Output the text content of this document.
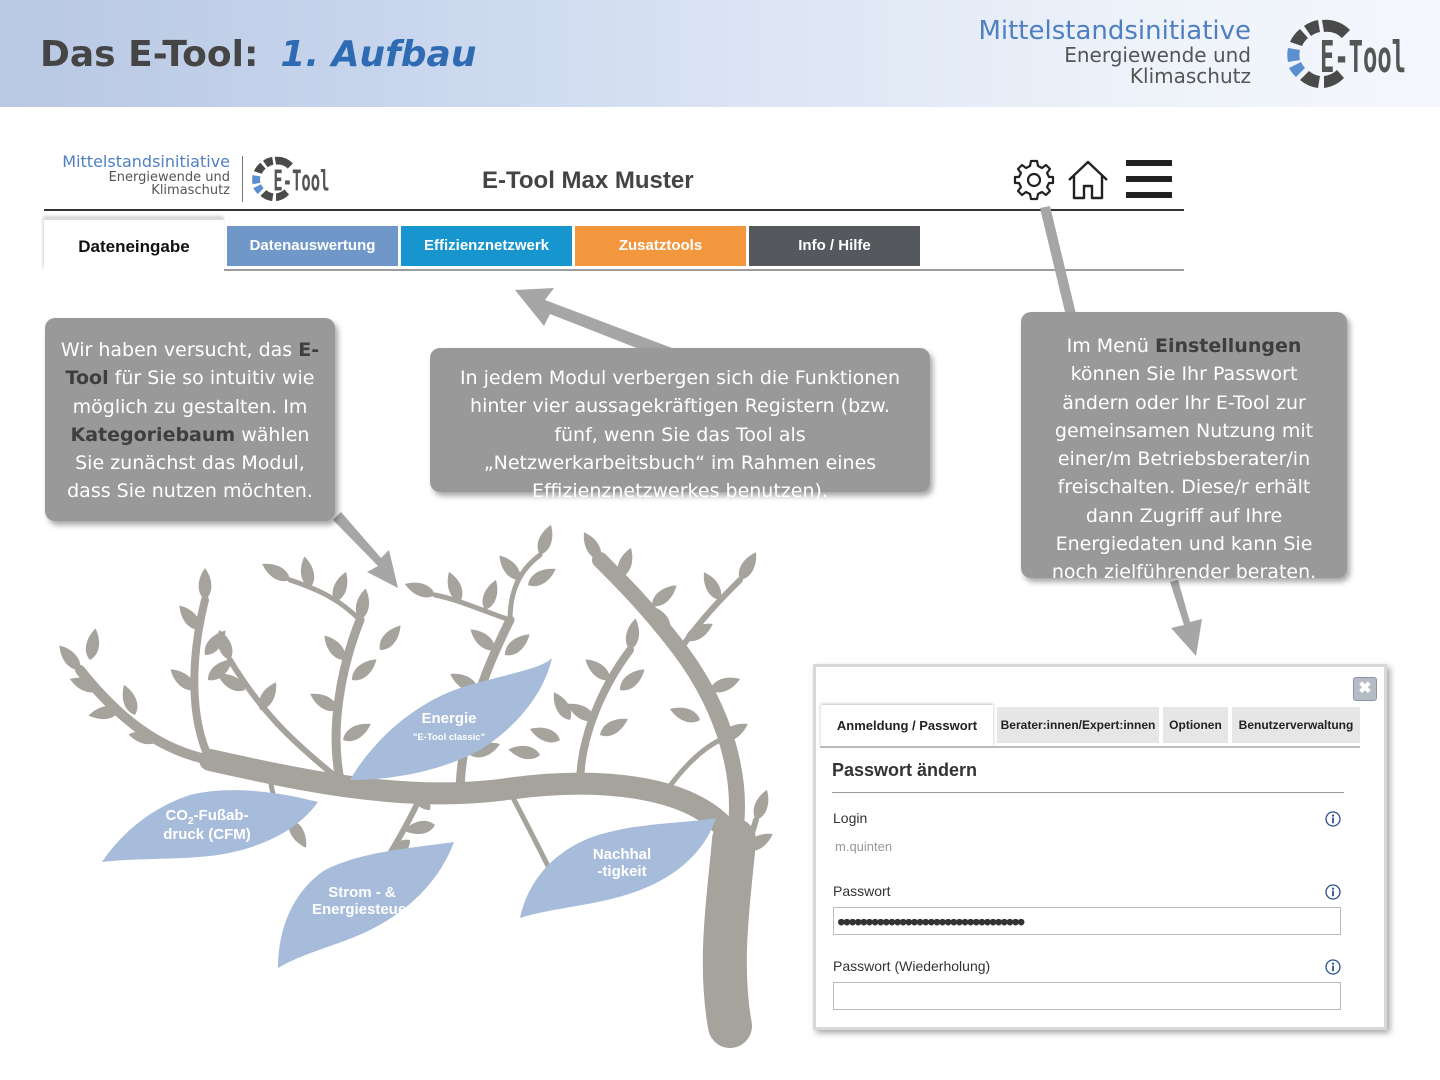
Das E-Tool: 1. Aufbau
Mittelstandsinitiative
Energiewende und
Klimaschutz E-Tool
Mittelstandsinitiative
Energiewende und
Klimaschutz E-Tool	E-Tool Max Muster
Dateneingabe	Datenauswertung	Effizienznetzwerk	Zusatztools	Info / Hilfe
Wir haben versucht, das E-Tool für Sie so intuitiv wie möglich zu gestalten. Im Kategoriebaum wählen Sie zunächst das Modul, dass Sie nutzen möchten.
In jedem Modul verbergen sich die Funktionen hinter vier aussagekräftigen Registern (bzw. fünf, wenn Sie das Tool als „Netzwerkarbeitsbuch“ im Rahmen eines Effizienznetzwerkes benutzen).
Im Menü Einstellungen können Sie Ihr Passwort ändern oder Ihr E-Tool zur gemeinsamen Nutzung mit einer/m Betriebsberater/in freischalten. Diese/r erhält dann Zugriff auf Ihre Energiedaten und kann Sie noch zielführender beraten.
Energie
"E-Tool classic"
$CO_2-Fußab-$
druck (CFM)
Strom - &
Energiesteuer
Nachhal
-tigkeit
✖
Anmeldung / Passwort	Berater:innen/Expert:innen	Optionen	Benutzerverwaltung
Passwort ändern
Login
m.quinten
Passwort
●●●●●●●●●●●●●●●●●●●●●●●●●●●●●●●●●
Passwort (Wiederholung)
